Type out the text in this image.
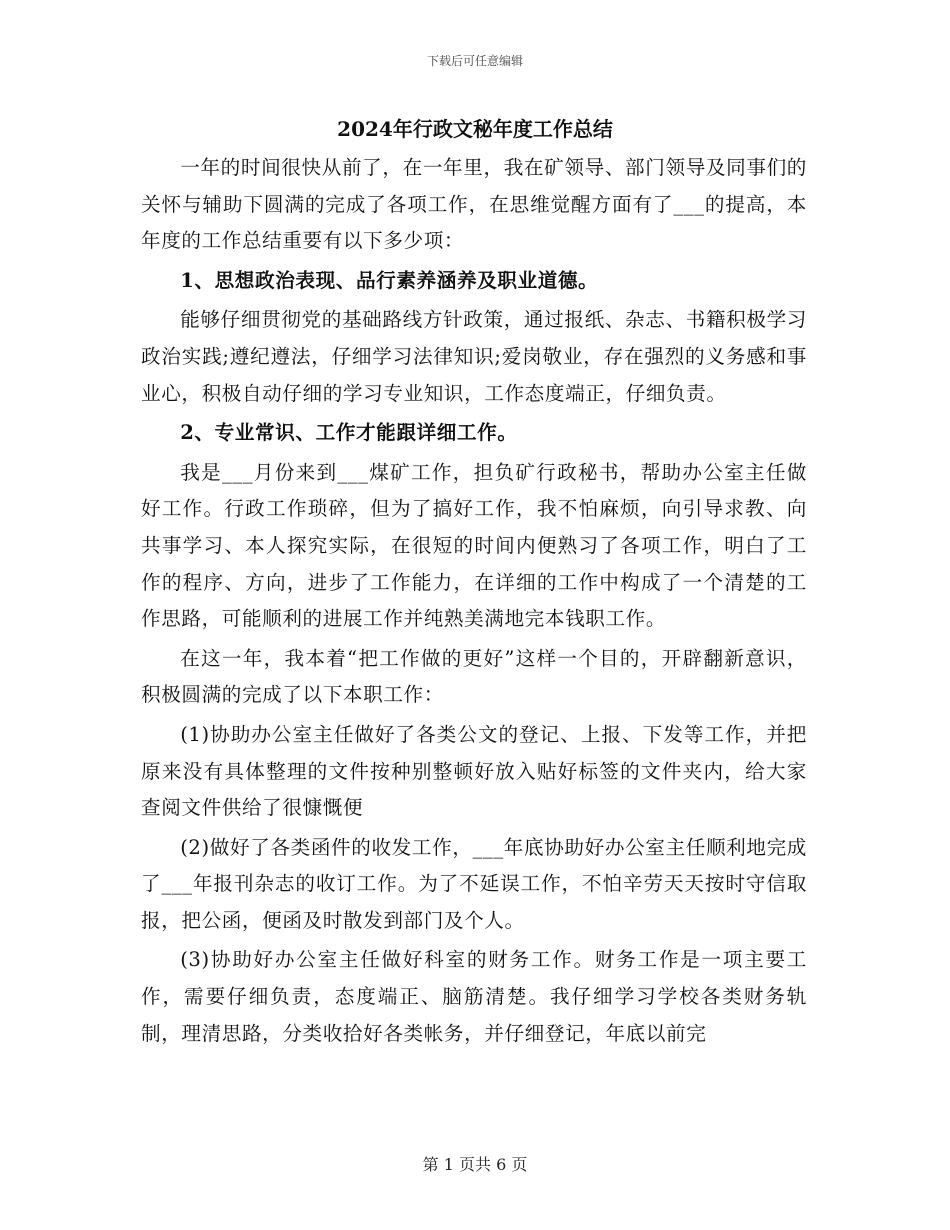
下载后可任意编辑
2024年行政文秘年度工作总结

一年的时间很快从前了，在一年里，我在矿领导、部门领导及同事们的关怀与辅助下圆满的完成了各项工作，在思维觉醒方面有了___的提高，本年度的工作总结重要有以下多少项：

1、思想政治表现、品行素养涵养及职业道德。

能够仔细贯彻党的基础路线方针政策，通过报纸、杂志、书籍积极学习政治实践;遵纪遵法，仔细学习法律知识;爱岗敬业，存在强烈的义务感和事业心，积极自动仔细的学习专业知识，工作态度端正，仔细负责。

2、专业常识、工作才能跟详细工作。

我是___月份来到___煤矿工作，担负矿行政秘书，帮助办公室主任做好工作。行政工作琐碎，但为了搞好工作，我不怕麻烦，向引导求教、向共事学习、本人探究实际，在很短的时间内便熟习了各项工作，明白了工作的程序、方向，进步了工作能力，在详细的工作中构成了一个清楚的工作思路，可能顺利的进展工作并纯熟美满地完本钱职工作。

在这一年，我本着“把工作做的更好”这样一个目的，开辟翻新意识，积极圆满的完成了以下本职工作：

(1)协助办公室主任做好了各类公文的登记、上报、下发等工作，并把原来没有具体整理的文件按种别整顿好放入贴好标签的文件夹内，给大家查阅文件供给了很慷慨便

(2)做好了各类函件的收发工作，___年底协助好办公室主任顺利地完成了___年报刊杂志的收订工作。为了不延误工作，不怕辛劳天天按时守信取报，把公函，便函及时散发到部门及个人。

(3)协助好办公室主任做好科室的财务工作。财务工作是一项主要工作，需要仔细负责，态度端正、脑筋清楚。我仔细学习学校各类财务轨制，理清思路，分类收拾好各类帐务，并仔细登记，年底以前完

第 1 页共 6 页
